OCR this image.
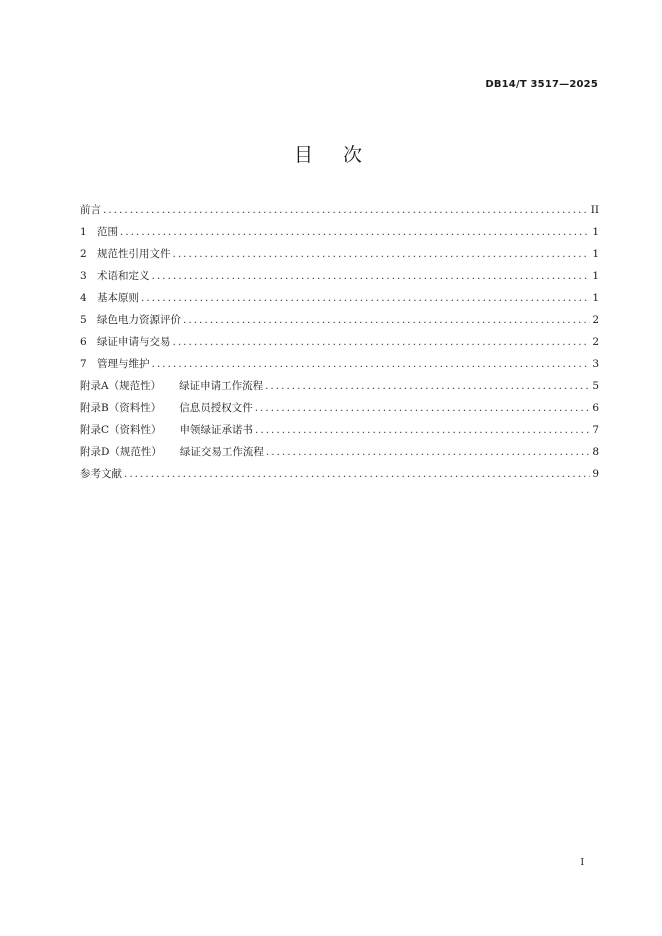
DB14/T 3517—2025
目次
前言 .....	II
1 范围 .....	1
2 规范性引用文件 .....	1
3 术语和定义 .....	1
4 基本原则 .....	1
5 绿色电力资源评价 .....	2
6 绿证申请与交易 .....	2
7 管理与维护 .....	3
附录A（规范性） 绿证申请工作流程 .....	5
附录B（资料性） 信息员授权文件 .....	6
附录C（资料性） 申领绿证承诺书 .....	7
附录D（规范性） 绿证交易工作流程 .....	8
参考文献 .....	9
I
